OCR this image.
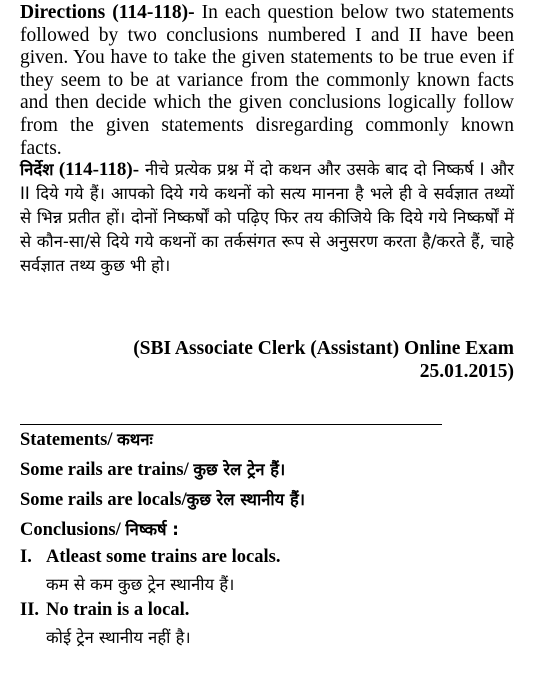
Directions (114-118)- In each question below two statements followed by two conclusions numbered I and II have been given. You have to take the given statements to be true even if they seem to be at variance from the commonly known facts and then decide which the given conclusions logically follow from the given statements disregarding commonly known facts.
निर्देश (114-118)- नीचे प्रत्येक प्रश्न में दो कथन और उसके बाद दो निष्कर्ष I और II दिये गये हैं। आपको दिये गये कथनों को सत्य मानना है भले ही वे सर्वज्ञात तथ्यों से भिन्न प्रतीत हों। दोनों निष्कर्षों को पढ़िए फिर तय कीजिये कि दिये गये निष्कर्षों में से कौन-सा/से दिये गये कथनों का तर्कसंगत रूप से अनुसरण करता है/करते हैं, चाहे सर्वज्ञात तथ्य कुछ भी हो।
(SBI Associate Clerk (Assistant) Online Exam
25.01.2015)
Statements/ कथनः
Some rails are trains/ कुछ रेल ट्रेन हैं।
Some rails are locals/कुछ रेल स्थानीय हैं।
Conclusions/ निष्कर्ष :
I. Atleast some trains are locals.
कम से कम कुछ ट्रेन स्थानीय हैं।
II. No train is a local.
कोई ट्रेन स्थानीय नहीं है।
